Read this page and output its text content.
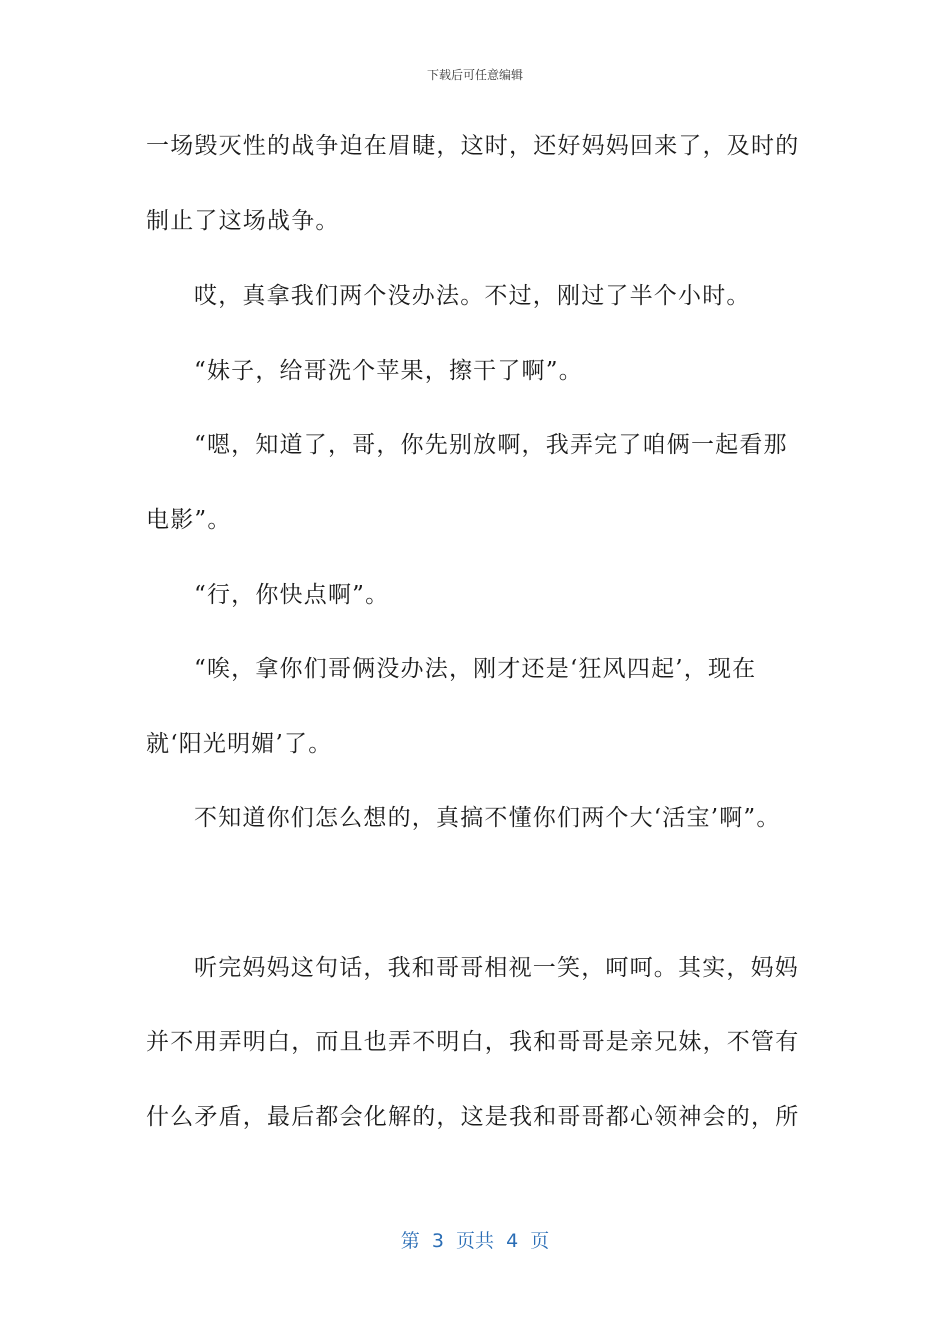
下载后可任意编辑
一场毁灭性的战争迫在眉睫，这时，还好妈妈回来了，及时的
制止了这场战争。
哎，真拿我们两个没办法。不过，刚过了半个小时。
“妹子，给哥洗个苹果，擦干了啊”。
“嗯，知道了，哥，你先别放啊，我弄完了咱俩一起看那
电影”。
“行，你快点啊”。
“唉，拿你们哥俩没办法，刚才还是‘狂风四起’，现在
就‘阳光明媚’了。
不知道你们怎么想的，真搞不懂你们两个大‘活宝’啊”。
听完妈妈这句话，我和哥哥相视一笑，呵呵。其实，妈妈
并不用弄明白，而且也弄不明白，我和哥哥是亲兄妹，不管有
什么矛盾，最后都会化解的，这是我和哥哥都心领神会的，所
第  3  页共  4  页
